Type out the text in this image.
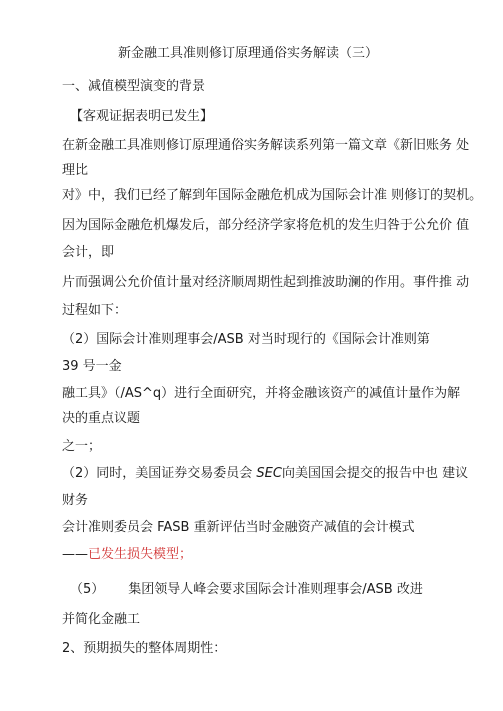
新金融工具准则修订原理通俗实务解读（三）
一、减值模型演变的背景
【客观证据表明已发生】
在新金融工具准则修订原理通俗实务解读系列第一篇文章《新旧账务 处
理比
对》中，我们已经了解到年国际金融危机成为国际会计准 则修订的契机。
因为国际金融危机爆发后，部分经济学家将危机的发生归咎于公允价 值
会计，即
片而强调公允价值计量对经济顺周期性起到推波助澜的作用。事件推 动
过程如下：
（2）国际会计准则理事会/ASB 对当时现行的《国际会计准则第
39 号一金
融工具》（/AS^q）进行全面研究，并将金融该资产的减值计量作为解
决的重点议题
之一；
（2）同时，美国证券交易委员会 SEC向美国国会提交的报告中也 建议
财务
会计准则委员会 FASB 重新评估当时金融资产减值的会计模式
——已发生损失模型；
（5） 集团领导人峰会要求国际会计准则理事会/ASB 改进
并简化金融工
2、预期损失的整体周期性：
